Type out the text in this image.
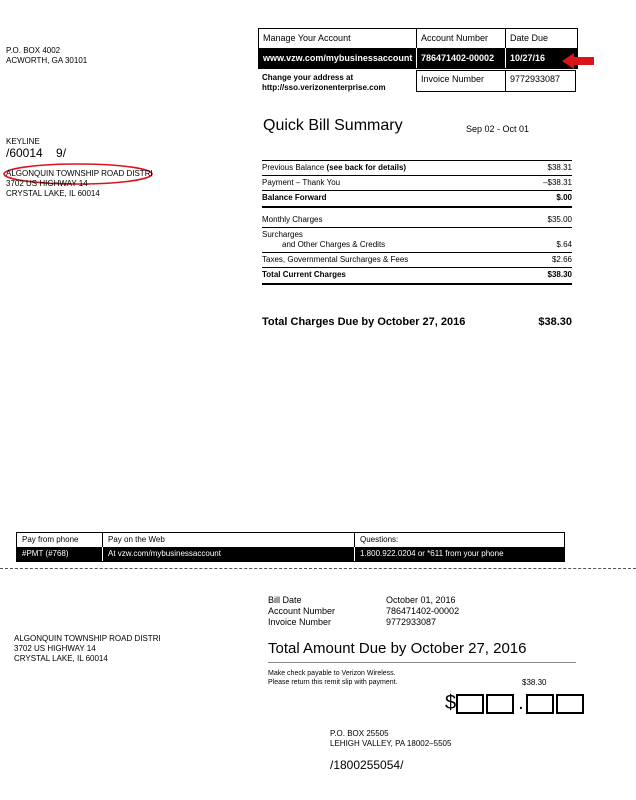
P.O. BOX 4002
ACWORTH, GA 30101
Manage Your Account	Account Number	Date Due
www.vzw.com/mybusinessaccount 786471402-00002	10/27/16
Change your address at
http://sso.verizonenterprise.com
Invoice Number	9772933087
KEYLINE
/60014    9/
ALGONQUIN TOWNSHIP ROAD DISTRI
3702 US HIGHWAY 14
CRYSTAL LAKE, IL 60014
Quick Bill Summary	Sep 02 - Oct 01
Previous Balance (see back for details)	$38.31
Payment – Thank You	–$38.31
Balance Forward	$.00
Monthly Charges	$35.00
Surcharges
and Other Charges & Credits	$.64
Taxes, Governmental Surcharges & Fees	$2.66
Total Current Charges	$38.30
Total Charges Due by October 27, 2016	$38.30
Pay from phone	Pay on the Web	Questions:
#PMT (#768)	At vzw.com/mybusinessaccount	1.800.922.0204 or *611 from your phone
Bill Date	October 01, 2016
Account Number	786471402-00002
Invoice Number	9772933087
ALGONQUIN TOWNSHIP ROAD DISTRI
3702 US HIGHWAY 14
CRYSTAL LAKE, IL 60014
Total Amount Due by October 27, 2016
Make check payable to Verizon Wireless.
Please return this remit slip with payment.	$38.30
$	.
P.O. BOX 25505
LEHIGH VALLEY, PA 18002–5505
/1800255054/
